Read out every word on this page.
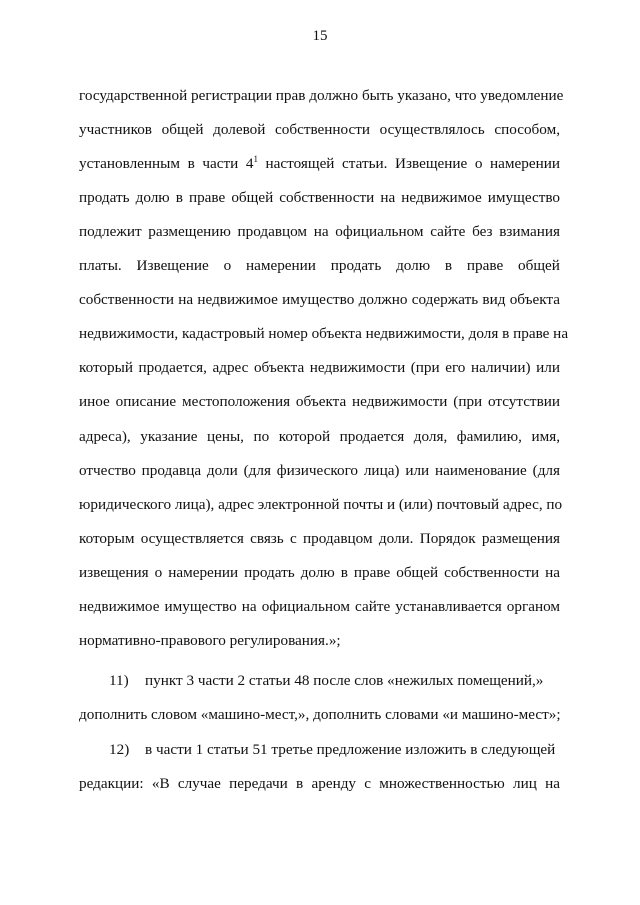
15
государственной регистрации прав должно быть указано, что уведомление
участников общей долевой собственности осуществлялось способом,
установленным в части $4^1$ настоящей статьи. Извещение о намерении
продать долю в праве общей собственности на недвижимое имущество
подлежит размещению продавцом на официальном сайте без взимания
платы. Извещение о намерении продать долю в праве общей
собственности на недвижимое имущество должно содержать вид объекта
недвижимости, кадастровый номер объекта недвижимости, доля в праве на
который продается, адрес объекта недвижимости (при его наличии) или
иное описание местоположения объекта недвижимости (при отсутствии
адреса), указание цены, по которой продается доля, фамилию, имя,
отчество продавца доли (для физического лица) или наименование (для
юридического лица), адрес электронной почты и (или) почтовый адрес, по
которым осуществляется связь с продавцом доли. Порядок размещения
извещения о намерении продать долю в праве общей собственности на
недвижимое имущество на официальном сайте устанавливается органом
нормативно-правового регулирования.»;
11) пункт 3 части 2 статьи 48 после слов «нежилых помещений,»
дополнить словом «машино-мест,», дополнить словами «и машино-мест»;
12) в части 1 статьи 51 третье предложение изложить в следующей
редакции: «В случае передачи в аренду с множественностью лиц на
